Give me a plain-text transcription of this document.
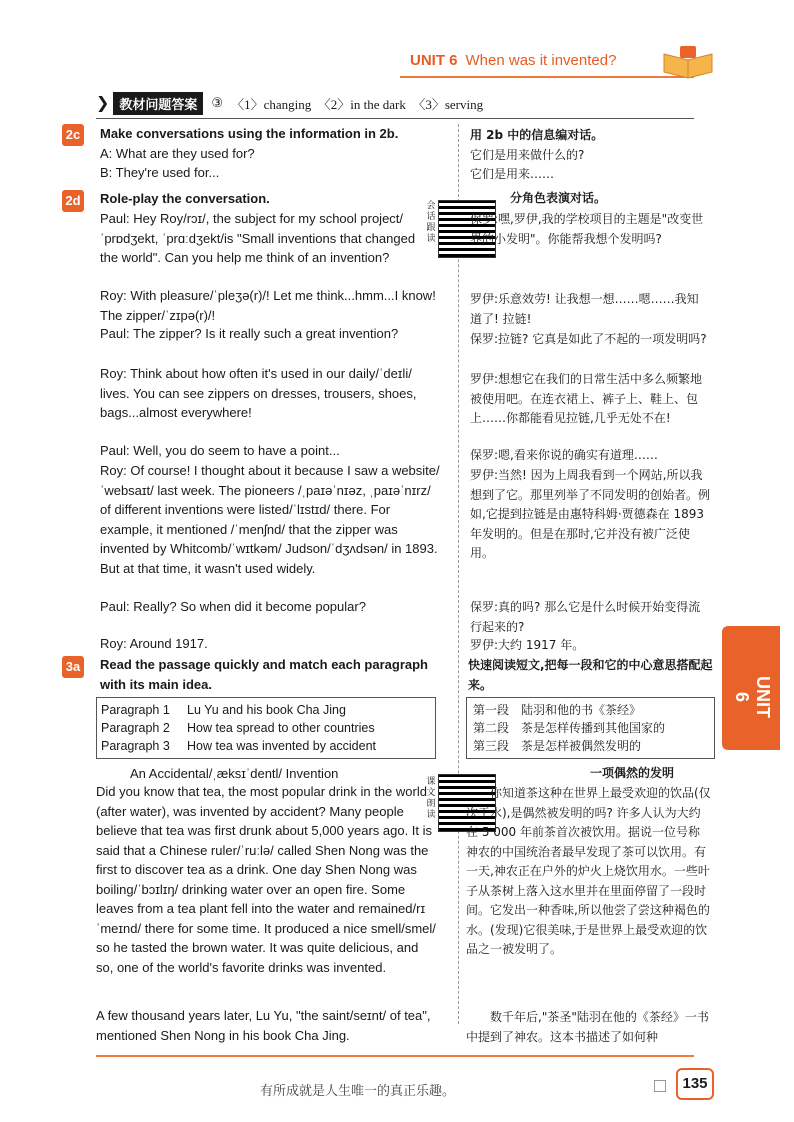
UNIT 6 When was it invented?
❯ 教材问题答案	③ 〈1〉changing　〈2〉in the dark　〈3〉serving
2c Make conversations using the information in 2b.
A: What are they used for?
B: They're used for...
用 2b 中的信息编对话。
它们是用来做什么的?
它们是用来……
2d Role-play the conversation.	分角色表演对话。
会话跟读
Paul: Hey Roy/rɔɪ/, the subject for my school project/ˈprɒdʒekt, ˈprɑːdʒekt/is "Small inventions that changed the world". Can you help me think of an invention?
Roy: With pleasure/ˈpleʒə(r)/! Let me think...hmm...I know! The zipper/ˈzɪpə(r)/!
Paul: The zipper? Is it really such a great invention?
Roy: Think about how often it's used in our daily/ˈdeɪli/ lives. You can see zippers on dresses, trousers, shoes, bags...almost everywhere!
Paul: Well, you do seem to have a point...
Roy: Of course! I thought about it because I saw a website/ˈwebsaɪt/ last week. The pioneers /ˌpaɪəˈnɪəz, ˌpaɪəˈnɪrz/ of different inventions were listed/ˈlɪstɪd/ there. For example, it mentioned /ˈmenʃnd/ that the zipper was invented by Whitcomb/ˈwɪtkəm/ Judson/ˈdʒʌdsən/ in 1893. But at that time, it wasn't used widely.
Paul: Really? So when did it become popular?
Roy: Around 1917.
保罗:嘿,罗伊,我的学校项目的主题是"改变世界的小发明"。你能帮我想个发明吗?
罗伊:乐意效劳! 让我想一想……嗯……我知道了! 拉链!
保罗:拉链? 它真是如此了不起的一项发明吗?
罗伊:想想它在我们的日常生活中多么频繁地被使用吧。在连衣裙上、裤子上、鞋上、包上……你都能看见拉链,几乎无处不在!
保罗:嗯,看来你说的确实有道理……
罗伊:当然! 因为上周我看到一个网站,所以我想到了它。那里列举了不同发明的创始者。例如,它提到拉链是由惠特科姆·贾德森在 1893 年发明的。但是在那时,它并没有被广泛使用。
保罗:真的吗? 那么它是什么时候开始变得流行起来的?
罗伊:大约 1917 年。
3a Read the passage quickly and match each paragraph with its main idea.
快速阅读短文,把每一段和它的中心意思搭配起来。
Paragraph 1 Lu Yu and his book Cha Jing
Paragraph 2 How tea spread to other countries
Paragraph 3 How tea was invented by accident
第一段　陆羽和他的书《茶经》
第二段　茶是怎样传播到其他国家的
第三段　茶是怎样被偶然发明的
An Accidental/ˌæksɪˈdentl/ Invention	一项偶然的发明
课文朗读
Did you know that tea, the most popular drink in the world (after water), was invented by accident? Many people believe that tea was first drunk about 5,000 years ago. It is said that a Chinese ruler/ˈruːlə/ called Shen Nong was the first to discover tea as a drink. One day Shen Nong was boiling/ˈbɔɪlɪŋ/ drinking water over an open fire. Some leaves from a tea plant fell into the water and remained/rɪˈmeɪnd/ there for some time. It produced a nice smell/smel/ so he tasted the brown water. It was quite delicious, and so, one of the world's favorite drinks was invented.
A few thousand years later, Lu Yu, "the saint/seɪnt/ of tea", mentioned Shen Nong in his book Cha Jing.
你知道茶这种在世界上最受欢迎的饮品(仅次于水),是偶然被发明的吗? 许多人认为大约在 5 000 年前茶首次被饮用。据说一位号称神农的中国统治者最早发现了茶可以饮用。有一天,神农正在户外的炉火上烧饮用水。一些叶子从茶树上落入这水里并在里面停留了一段时间。它发出一种香味,所以他尝了尝这种褐色的水。(发现)它很美味,于是世界上最受欢迎的饮品之一被发明了。
数千年后,"茶圣"陆羽在他的《茶经》一书中提到了神农。这本书描述了如何种
UNIT 6
有所成就是人生唯一的真正乐趣。	135
